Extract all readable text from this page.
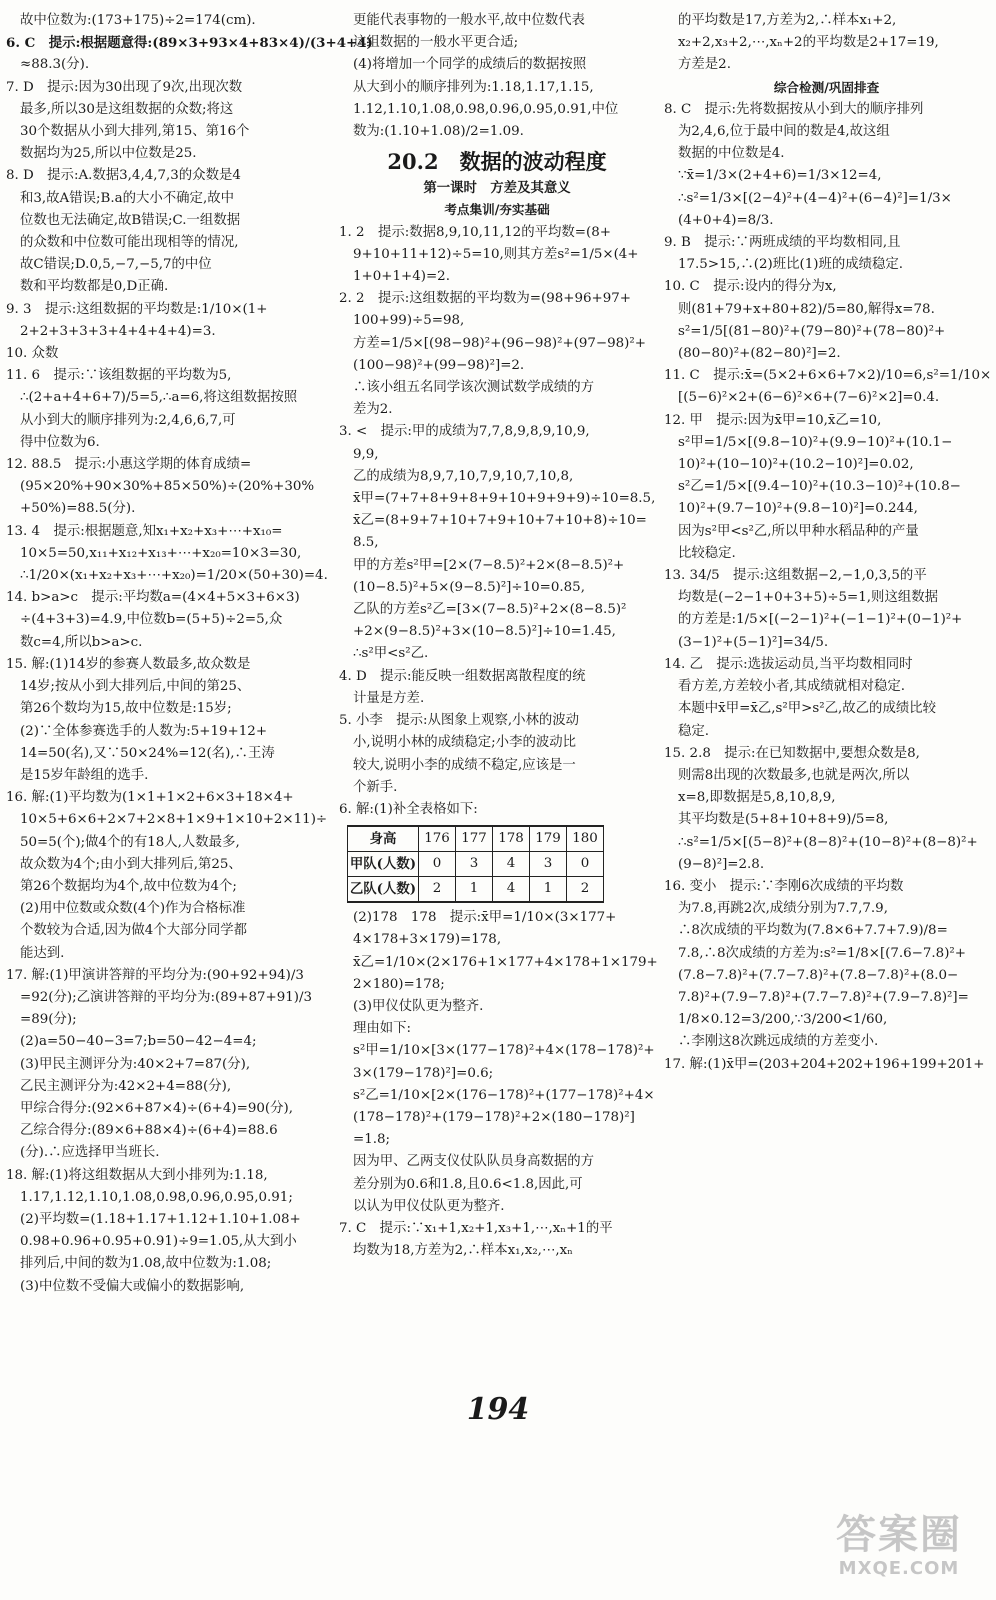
故中位数为:(173+175)÷2=174(cm).
6. C　提示:根据题意得:(89×3+93×4+83×4)/(3+4+4)
≈88.3(分).
7. D　提示:因为30出现了9次,出现次数
最多,所以30是这组数据的众数;将这
30个数据从小到大排列,第15、第16个
数据均为25,所以中位数是25.
8. D　提示:A.数据3,4,4,7,3的众数是4
和3,故A错误;B.a的大小不确定,故中
位数也无法确定,故B错误;C.一组数据
的众数和中位数可能出现相等的情况,
故C错误;D.0,5,−7,−5,7的中位
数和平均数都是0,D正确.
9. 3　提示:这组数据的平均数是:1/10×(1+
2+2+3+3+3+4+4+4+4)=3.
10. 众数
11. 6　提示:∵该组数据的平均数为5,
∴(2+a+4+6+7)/5=5,∴a=6,将这组数据按照
从小到大的顺序排列为:2,4,6,6,7,可
得中位数为6.
12. 88.5　提示:小惠这学期的体育成绩=
(95×20%+90×30%+85×50%)÷(20%+30%
+50%)=88.5(分).
13. 4　提示:根据题意,知x₁+x₂+x₃+⋯+x₁₀=
10×5=50,x₁₁+x₁₂+x₁₃+⋯+x₂₀=10×3=30,
∴1/20×(x₁+x₂+x₃+⋯+x₂₀)=1/20×(50+30)=4.
14. b>a>c　提示:平均数a=(4×4+5×3+6×3)
÷(4+3+3)=4.9,中位数b=(5+5)÷2=5,众
数c=4,所以b>a>c.
15. 解:(1)14岁的参赛人数最多,故众数是
14岁;按从小到大排列后,中间的第25、
第26个数均为15,故中位数是:15岁;
(2)∵全体参赛选手的人数为:5+19+12+
14=50(名),又∵50×24%=12(名),∴王涛
是15岁年龄组的选手.
16. 解:(1)平均数为(1×1+1×2+6×3+18×4+
10×5+6×6+2×7+2×8+1×9+1×10+2×11)÷
50=5(个);做4个的有18人,人数最多,
故众数为4个;由小到大排列后,第25、
第26个数据均为4个,故中位数为4个;
(2)用中位数或众数(4个)作为合格标准
个数较为合适,因为做4个大部分同学都
能达到.
17. 解:(1)甲演讲答辩的平均分为:(90+92+94)/3
=92(分);乙演讲答辩的平均分为:(89+87+91)/3
=89(分);
(2)a=50−40−3=7;b=50−42−4=4;
(3)甲民主测评分为:40×2+7=87(分),
乙民主测评分为:42×2+4=88(分),
甲综合得分:(92×6+87×4)÷(6+4)=90(分),
乙综合得分:(89×6+88×4)÷(6+4)=88.6
(分).∴应选择甲当班长.
18. 解:(1)将这组数据从大到小排列为:1.18,
1.17,1.12,1.10,1.08,0.98,0.96,0.95,0.91;
(2)平均数=(1.18+1.17+1.12+1.10+1.08+
0.98+0.96+0.95+0.91)÷9=1.05,从大到小
排列后,中间的数为1.08,故中位数为:1.08;
(3)中位数不受偏大或偏小的数据影响,
更能代表事物的一般水平,故中位数代表
这组数据的一般水平更合适;
(4)将增加一个同学的成绩后的数据按照
从大到小的顺序排列为:1.18,1.17,1.15,
1.12,1.10,1.08,0.98,0.96,0.95,0.91,中位
数为:(1.10+1.08)/2=1.09.
20.2　数据的波动程度
第一课时　方差及其意义
考点集训/夯实基础
1. 2　提示:数据8,9,10,11,12的平均数=(8+
9+10+11+12)÷5=10,则其方差s²=1/5×(4+
1+0+1+4)=2.
2. 2　提示:这组数据的平均数为=(98+96+97+
100+99)÷5=98,
方差=1/5×[(98−98)²+(96−98)²+(97−98)²+
(100−98)²+(99−98)²]=2.
∴该小组五名同学该次测试数学成绩的方
差为2.
3. <　提示:甲的成绩为7,7,8,9,8,9,10,9,
9,9,
乙的成绩为8,9,7,10,7,9,10,7,10,8,
x̄甲=(7+7+8+9+8+9+10+9+9+9)÷10=8.5,
x̄乙=(8+9+7+10+7+9+10+7+10+8)÷10=
8.5,
甲的方差s²甲=[2×(7−8.5)²+2×(8−8.5)²+
(10−8.5)²+5×(9−8.5)²]÷10=0.85,
乙队的方差s²乙=[3×(7−8.5)²+2×(8−8.5)²
+2×(9−8.5)²+3×(10−8.5)²]÷10=1.45,
∴s²甲<s²乙.
4. D　提示:能反映一组数据离散程度的统
计量是方差.
5. 小李　提示:从图象上观察,小林的波动
小,说明小林的成绩稳定;小李的波动比
较大,说明小李的成绩不稳定,应该是一
个新手.
6. 解:(1)补全表格如下:
身高	176	177	178	179	180
甲队(人数)	0	3	4	3	0
乙队(人数)	2	1	4	1	2
(2)178　178　提示:x̄甲=1/10×(3×177+
4×178+3×179)=178,
x̄乙=1/10×(2×176+1×177+4×178+1×179+
2×180)=178;
(3)甲仪仗队更为整齐.
理由如下:
s²甲=1/10×[3×(177−178)²+4×(178−178)²+
3×(179−178)²]=0.6;
s²乙=1/10×[2×(176−178)²+(177−178)²+4×
(178−178)²+(179−178)²+2×(180−178)²]
=1.8;
因为甲、乙两支仪仗队队员身高数据的方
差分别为0.6和1.8,且0.6<1.8,因此,可
以认为甲仪仗队更为整齐.
7. C　提示:∵x₁+1,x₂+1,x₃+1,⋯,xₙ+1的平
均数为18,方差为2,∴样本x₁,x₂,⋯,xₙ
的平均数是17,方差为2,∴样本x₁+2,
x₂+2,x₃+2,⋯,xₙ+2的平均数是2+17=19,
方差是2.
综合检测/巩固排查
8. C　提示:先将数据按从小到大的顺序排列
为2,4,6,位于最中间的数是4,故这组
数据的中位数是4.
∵x̄=1/3×(2+4+6)=1/3×12=4,
∴s²=1/3×[(2−4)²+(4−4)²+(6−4)²]=1/3×
(4+0+4)=8/3.
9. B　提示:∵两班成绩的平均数相同,且
17.5>15,∴(2)班比(1)班的成绩稳定.
10. C　提示:设内的得分为x,
则(81+79+x+80+82)/5=80,解得x=78.
s²=1/5[(81−80)²+(79−80)²+(78−80)²+
(80−80)²+(82−80)²]=2.
11. C　提示:x̄=(5×2+6×6+7×2)/10=6,s²=1/10×
[(5−6)²×2+(6−6)²×6+(7−6)²×2]=0.4.
12. 甲　提示:因为x̄甲=10,x̄乙=10,
s²甲=1/5×[(9.8−10)²+(9.9−10)²+(10.1−
10)²+(10−10)²+(10.2−10)²]=0.02,
s²乙=1/5×[(9.4−10)²+(10.3−10)²+(10.8−
10)²+(9.7−10)²+(9.8−10)²]=0.244,
因为s²甲<s²乙,所以甲种水稻品种的产量
比较稳定.
13. 34/5　提示:这组数据−2,−1,0,3,5的平
均数是(−2−1+0+3+5)÷5=1,则这组数据
的方差是:1/5×[(−2−1)²+(−1−1)²+(0−1)²+
(3−1)²+(5−1)²]=34/5.
14. 乙　提示:选拔运动员,当平均数相同时
看方差,方差较小者,其成绩就相对稳定.
本题中x̄甲=x̄乙,s²甲>s²乙,故乙的成绩比较
稳定.
15. 2.8　提示:在已知数据中,要想众数是8,
则需8出现的次数最多,也就是两次,所以
x=8,即数据是5,8,10,8,9,
其平均数是(5+8+10+8+9)/5=8,
∴s²=1/5×[(5−8)²+(8−8)²+(10−8)²+(8−8)²+
(9−8)²]=2.8.
16. 变小　提示:∵李刚6次成绩的平均数
为7.8,再跳2次,成绩分别为7.7,7.9,
∴8次成绩的平均数为(7.8×6+7.7+7.9)/8=
7.8,∴8次成绩的方差为:s²=1/8×[(7.6−7.8)²+
(7.8−7.8)²+(7.7−7.8)²+(7.8−7.8)²+(8.0−
7.8)²+(7.9−7.8)²+(7.7−7.8)²+(7.9−7.8)²]=
1/8×0.12=3/200,∵3/200<1/60,
∴李刚这8次跳远成绩的方差变小.
17. 解:(1)x̄甲=(203+204+202+196+199+201+
194
答案圈
MXQE.COM
